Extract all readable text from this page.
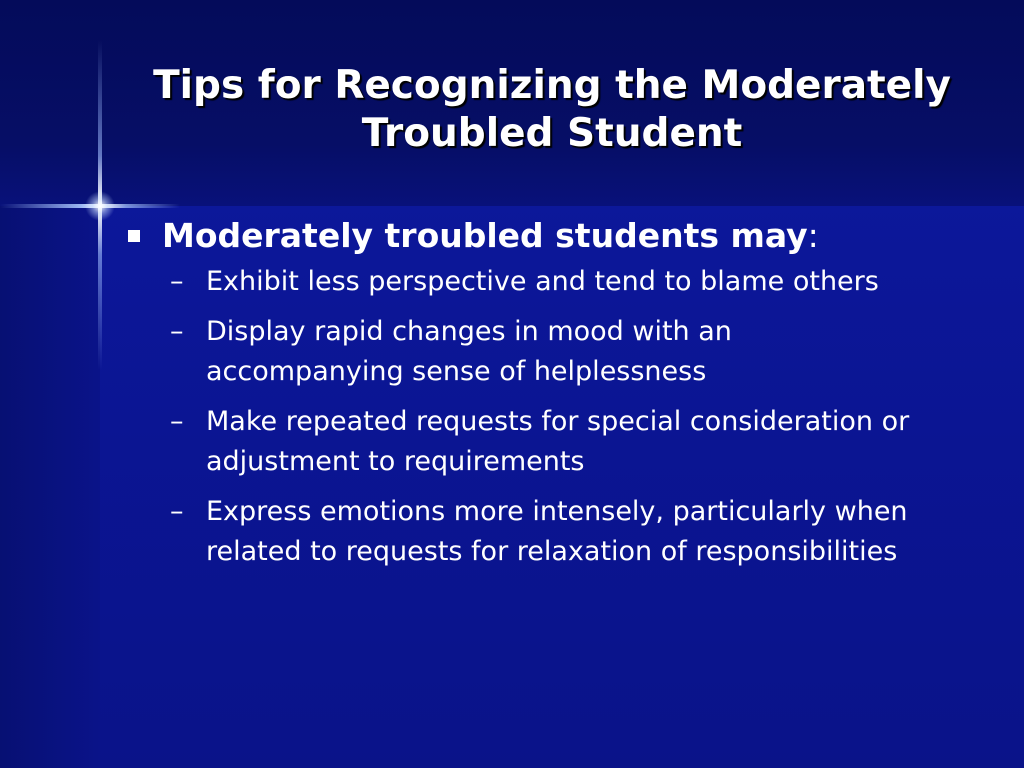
Tips for Recognizing the Moderately
Troubled Student
Moderately troubled students may:
– Exhibit less perspective and tend to blame others
– Display rapid changes in mood with an accompanying sense of helplessness
– Make repeated requests for special consideration or adjustment to requirements
– Express emotions more intensely, particularly when related to requests for relaxation of responsibilities
